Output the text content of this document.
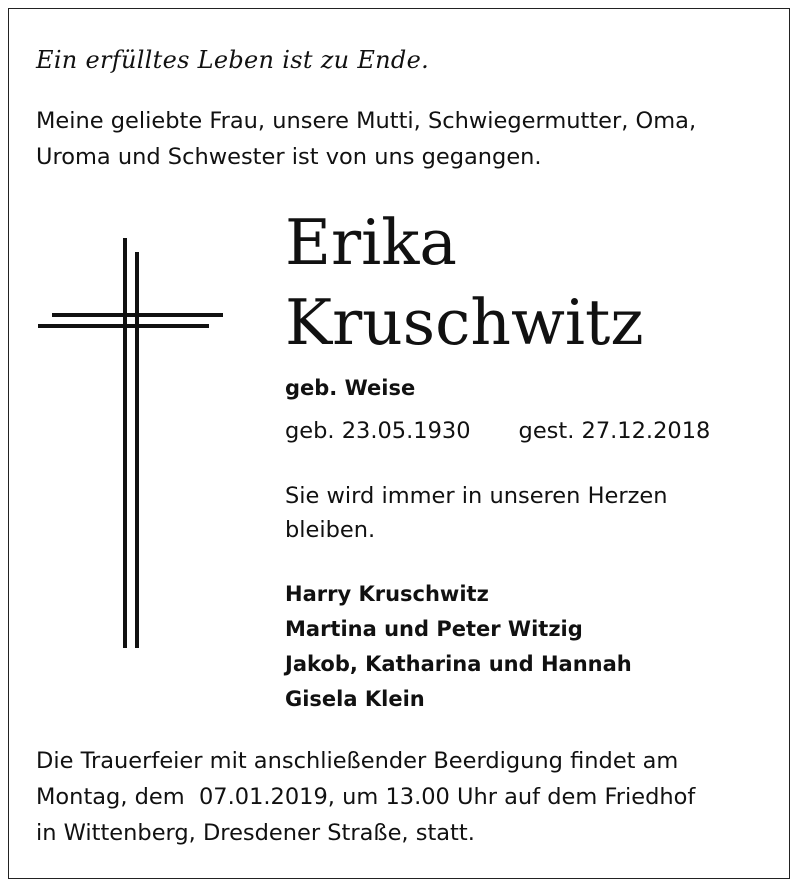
Ein erfülltes Leben ist zu Ende.
Meine geliebte Frau, unsere Mutti, Schwiegermutter, Oma,
Uroma und Schwester ist von uns gegangen.
Erika
Kruschwitz
geb. Weise
geb. 23.05.1930 gest. 27.12.2018
Sie wird immer in unseren Herzen
bleiben.
Harry Kruschwitz
Martina und Peter Witzig
Jakob, Katharina und Hannah
Gisela Klein
Die Trauerfeier mit anschließender Beerdigung findet am
Montag, dem  07.01.2019, um 13.00 Uhr auf dem Friedhof
in Wittenberg, Dresdener Straße, statt.
